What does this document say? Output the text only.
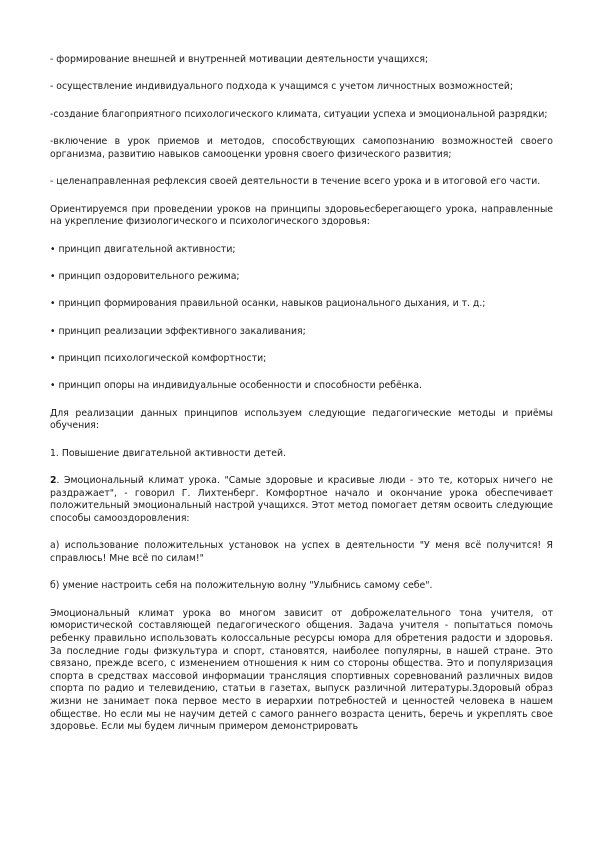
- формирование внешней и внутренней мотивации деятельности учащихся;

- осуществление индивидуального подхода к учащимся с учетом личностных возможностей;

-создание благоприятного психологического климата, ситуации успеха и эмоциональной разрядки;

-включение в урок приемов и методов, способствующих самопознанию возможностей своего организма, развитию навыков самооценки уровня своего физического развития;

- целенаправленная рефлексия своей деятельности в течение всего урока и в итоговой его части.

Ориентируемся при проведении уроков на принципы здоровьесберегающего урока, направленные на укрепление физиологического и психологического здоровья:

• принцип двигательной активности;

• принцип оздоровительного режима;

• принцип формирования правильной осанки, навыков рационального дыхания, и т. д.;

• принцип реализации эффективного закаливания;

• принцип психологической комфортности;

• принцип опоры на индивидуальные особенности и способности ребёнка.

Для реализации данных принципов используем следующие педагогические методы и приёмы обучения:

1. Повышение двигательной активности детей.

2. Эмоциональный климат урока. "Самые здоровые и красивые люди - это те, которых ничего не раздражает", - говорил Г. Лихтенберг. Комфортное начало и окончание урока обеспечивает положительный эмоциональный настрой учащихся. Этот метод помогает детям освоить следующие способы самооздоровления:

а) использование положительных установок на успех в деятельности "У меня всё получится! Я справлюсь! Мне всё по силам!"

б) умение настроить себя на положительную волну "Улыбнись самому себе".

Эмоциональный климат урока во многом зависит от доброжелательного тона учителя, от юмористической составляющей педагогического общения. Задача учителя - попытаться помочь ребенку правильно использовать колоссальные ресурсы юмора для обретения радости и здоровья. За последние годы физкультура и спорт, становятся, наиболее популярны, в нашей стране. Это связано, прежде всего, с изменением отношения к ним со стороны общества. Это и популяризация спорта в средствах массовой информации трансляция спортивных соревнований различных видов спорта по радио и телевидению, статьи в газетах, выпуск различной литературы.Здоровый образ жизни не занимает пока первое место в иерархии потребностей и ценностей человека в нашем обществе. Но если мы не научим детей с самого раннего возраста ценить, беречь и укреплять свое здоровье. Если мы будем личным примером демонстрировать
